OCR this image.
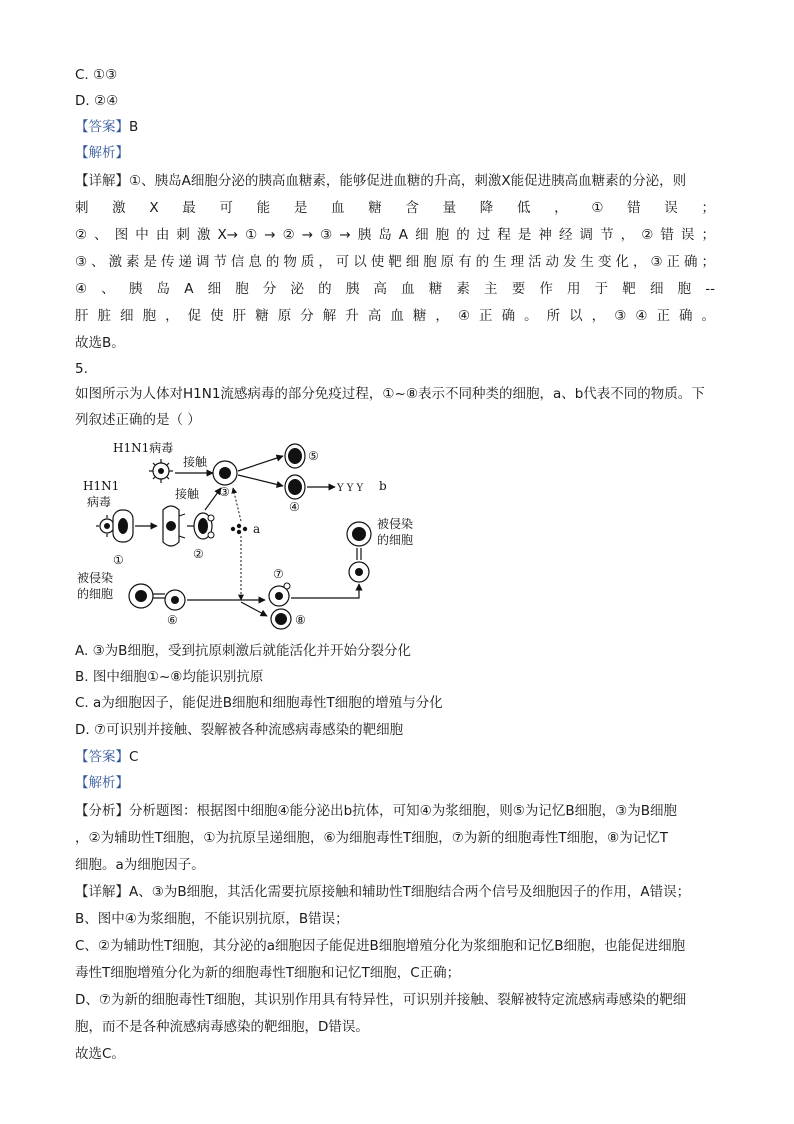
C. ①③
D. ②④
【答案】B
【解析】
【详解】①、胰岛A细胞分泌的胰高血糖素，能够促进血糖的升高，刺激X能促进胰高血糖素的分泌，则
刺激X最可能是血糖含量降低，①错误；
②、图中由刺激X→①→②→③→胰岛A细胞的过程是神经调节，②错误；
③、激素是传递调节信息的物质，可以使靶细胞原有的生理活动发生变化，③正确；
④、胰岛A细胞分泌的胰高血糖素主要作用于靶细胞--
肝脏细胞，促使肝糖原分解升高血糖，④正确。所以，③④正确。
故选B。
5.
如图所示为人体对H1N1流感病毒的部分免疫过程，①~⑧表示不同种类的细胞，a、b代表不同的物质。下
列叙述正确的是（ ）
H1N1病毒
接触
③
⑤
④
Y Y Y b
H1N1
病毒
①	②
接触
a
被侵染
的细胞
⑥
⑦
⑧
被侵染
的细胞
A. ③为B细胞，受到抗原刺激后就能活化并开始分裂分化
B. 图中细胞①~⑧均能识别抗原
C. a为细胞因子，能促进B细胞和细胞毒性T细胞的增殖与分化
D. ⑦可识别并接触、裂解被各种流感病毒感染的靶细胞
【答案】C
【解析】
【分析】分析题图：根据图中细胞④能分泌出b抗体，可知④为浆细胞，则⑤为记忆B细胞，③为B细胞
，②为辅助性T细胞，①为抗原呈递细胞，⑥为细胞毒性T细胞，⑦为新的细胞毒性T细胞，⑧为记忆T
细胞。a为细胞因子。
【详解】A、③为B细胞，其活化需要抗原接触和辅助性T细胞结合两个信号及细胞因子的作用，A错误；
B、图中④为浆细胞，不能识别抗原，B错误；
C、②为辅助性T细胞，其分泌的a细胞因子能促进B细胞增殖分化为浆细胞和记忆B细胞，也能促进细胞
毒性T细胞增殖分化为新的细胞毒性T细胞和记忆T细胞，C正确；
D、⑦为新的细胞毒性T细胞，其识别作用具有特异性，可识别并接触、裂解被特定流感病毒感染的靶细
胞，而不是各种流感病毒感染的靶细胞，D错误。
故选C。
